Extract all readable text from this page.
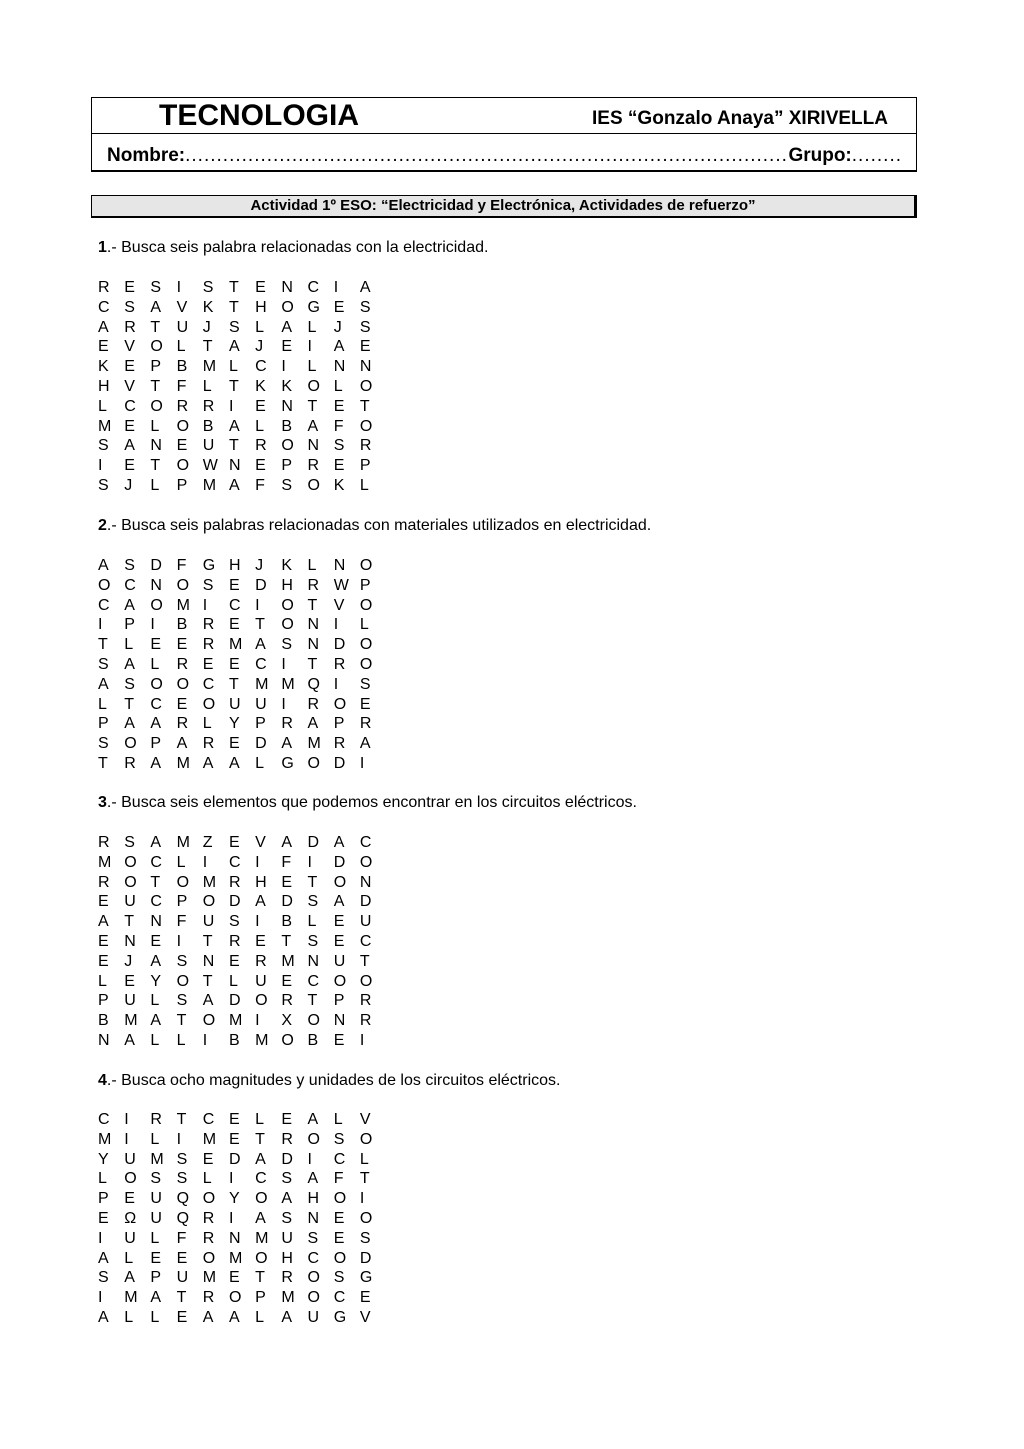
TECNOLOGIA	IES “Gonzalo Anaya” XIRIVELLA
Nombre:
.....	Grupo: ........
Actividad 1º ESO: “Electricidad y Electrónica, Actividades de refuerzo”
1.- Busca seis palabra relacionadas con la electricidad.
R E S I	S T	E N C I	A
C S A V K T	H O G E S
A R T	U J	S L	A L	J	S
E V O L	T	A J	E I	A E
K E P B M L	C I	L	N N
H V T	F	L	T	K K O L	O
L	C O R R I	E N T	E T
M E L	O B A L	B A F	O
S A N E U T	R O N S R
I	E T	O W N E P R E P
S J	L	P M A F	S O K L
2.- Busca seis palabras relacionadas con materiales utilizados en electricidad.
A S D F	G H J	K L	N O
O C N O S E D H R W P
C A O M I	C I	O T	V O
I	P I	B R E T	O N I	L
T	L	E E R M A S N D O
S A L	R E E C I	T	R O
A S O O C T	M M Q I	S
L	T	C E O U U I	R O E
P A A R L	Y P R A P R
S O P A R E D A M R A
T	R A M A A L	G O D I
3.- Busca seis elementos que podemos encontrar en los circuitos eléctricos.
R S A M Z	E V A D A C
M O C L	I	C I	F	I	D O
R O T	O M R H E T	O N
E U C P O D A D S A D
A T	N F	U S I	B L	E U
E N E I	T	R E T	S E C
E J	A S N E R M N U T
L	E Y O T	L	U E C O O
P U L	S A D O R T	P R
B M A T	O M I	X O N R
N A L	L	I	B M O B E I
4.- Busca ocho magnitudes y unidades de los circuitos eléctricos.
C I	R T	C E L	E A L	V
M I	L	I	M E T	R O S O
Y U M S E D A D I	C L
L	O S S L	I	C S A F	T
P E U Q O Y O A H O I
E Ω U Q R I	A S N E O
I	U L	F	R N M U S E S
A L	E E O M O H C O D
S A P U M E T	R O S G
I	M A T	R O P M O C E
A L	L	E A A L	A U G V
